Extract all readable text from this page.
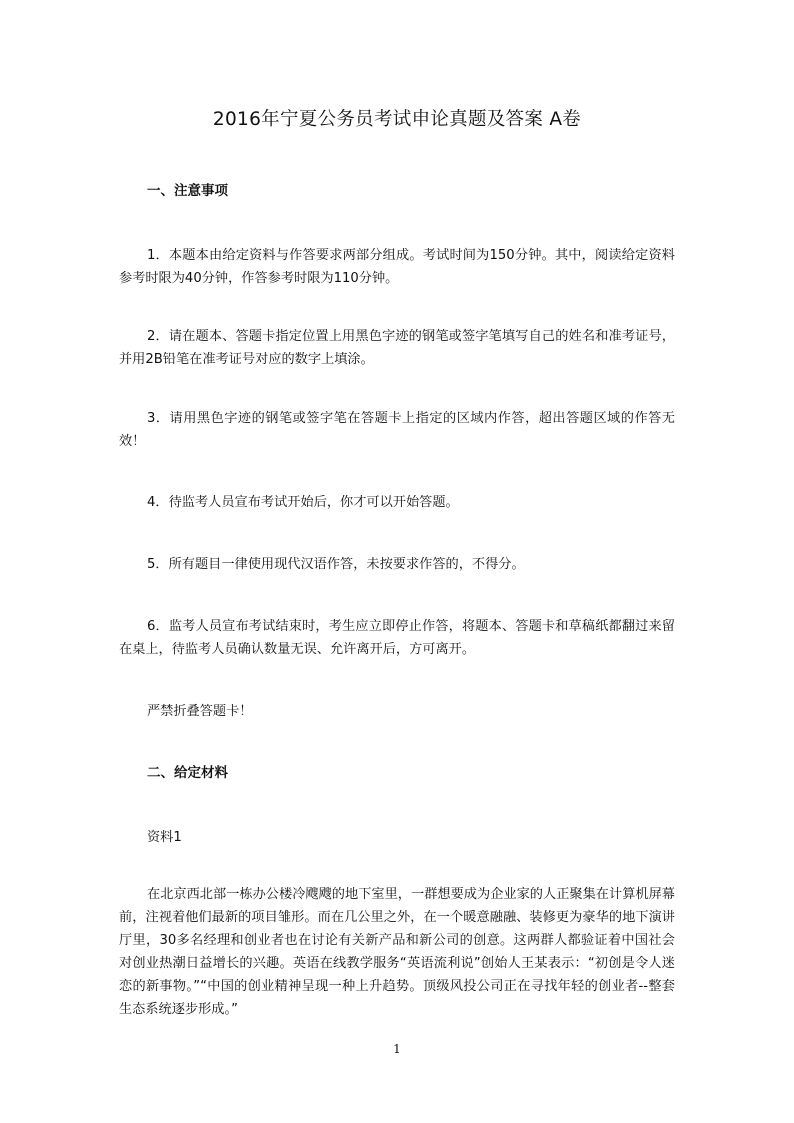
2016年宁夏公务员考试申论真题及答案 A卷

一、注意事项

1．本题本由给定资料与作答要求两部分组成。考试时间为150分钟。其中，阅读给定资料参考时限为40分钟，作答参考时限为110分钟。

2．请在题本、答题卡指定位置上用黑色字迹的钢笔或签字笔填写自己的姓名和准考证号，并用2B铅笔在准考证号对应的数字上填涂。

3．请用黑色字迹的钢笔或签字笔在答题卡上指定的区域内作答，超出答题区域的作答无效！

4．待监考人员宣布考试开始后，你才可以开始答题。

5．所有题目一律使用现代汉语作答，未按要求作答的，不得分。

6．监考人员宣布考试结束时，考生应立即停止作答，将题本、答题卡和草稿纸都翻过来留在桌上，待监考人员确认数量无误、允许离开后，方可离开。

严禁折叠答题卡！

二、给定材料

资料1

在北京西北部一栋办公楼冷飕飕的地下室里，一群想要成为企业家的人正聚集在计算机屏幕前，注视着他们最新的项目雏形。而在几公里之外，在一个暖意融融、装修更为豪华的地下演讲厅里，30多名经理和创业者也在讨论有关新产品和新公司的创意。这两群人都验证着中国社会对创业热潮日益增长的兴趣。英语在线教学服务“英语流利说”创始人王某表示：“初创是令人迷恋的新事物。”“中国的创业精神呈现一种上升趋势。顶级风投公司正在寻找年轻的创业者--整套生态系统逐步形成。”

1
